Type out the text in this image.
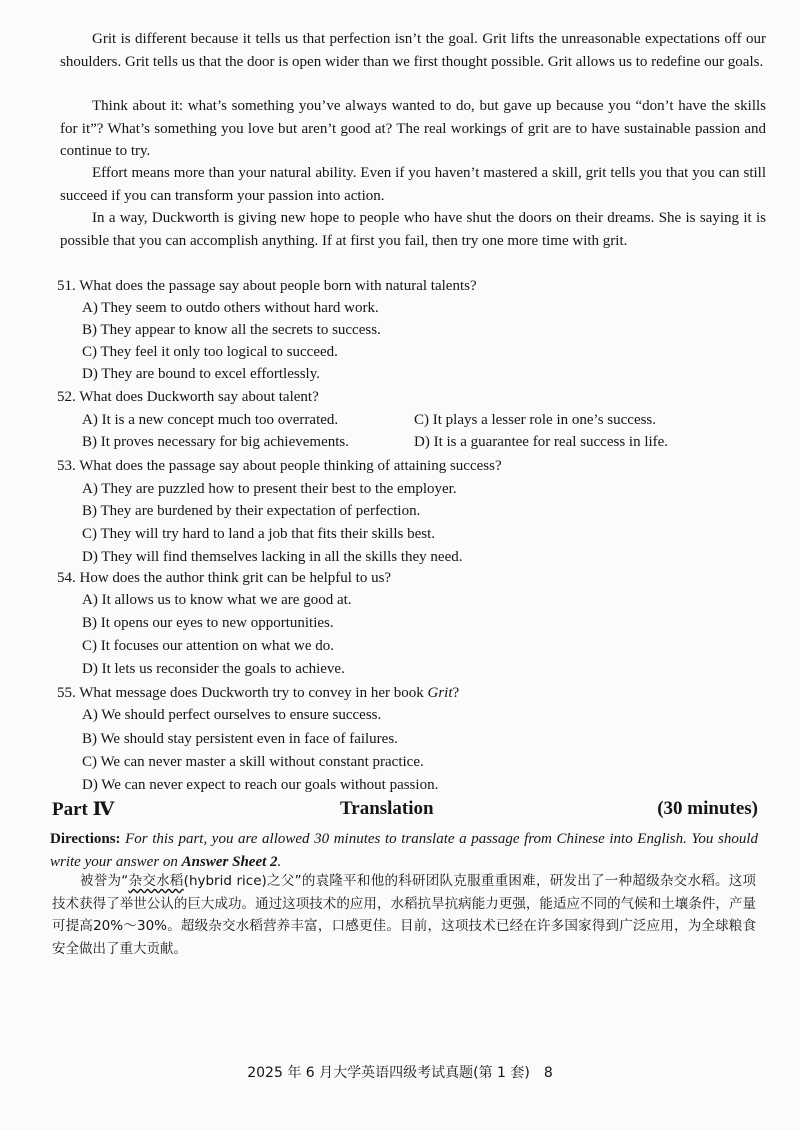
Grit is different because it tells us that perfection isn’t the goal. Grit lifts the unreasonable expectations off our shoulders. Grit tells us that the door is open wider than we first thought possible. Grit allows us to redefine our goals.

Think about it: what’s something you’ve always wanted to do, but gave up because you “don’t have the skills for it”? What’s something you love but aren’t good at? The real workings of grit are to have sustainable passion and continue to try.

Effort means more than your natural ability. Even if you haven’t mastered a skill, grit tells you that you can still succeed if you can transform your passion into action.

In a way, Duckworth is giving new hope to people who have shut the doors on their dreams. She is saying it is possible that you can accomplish anything. If at first you fail, then try one more time with grit.

51. What does the passage say about people born with natural talents?

A) They seem to outdo others without hard work.

B) They appear to know all the secrets to success.

C) They feel it only too logical to succeed.

D) They are bound to excel effortlessly.

52. What does Duckworth say about talent?

A) It is a new concept much too overrated.	C) It plays a lesser role in one’s success.
B) It proves necessary for big achievements.	D) It is a guarantee for real success in life.

53. What does the passage say about people thinking of attaining success?

A) They are puzzled how to present their best to the employer.

B) They are burdened by their expectation of perfection.

C) They will try hard to land a job that fits their skills best.

D) They will find themselves lacking in all the skills they need.

54. How does the author think grit can be helpful to us?

A) It allows us to know what we are good at.

B) It opens our eyes to new opportunities.

C) It focuses our attention on what we do.

D) It lets us reconsider the goals to achieve.

55. What message does Duckworth try to convey in her book Grit?

A) We should perfect ourselves to ensure success.

B) We should stay persistent even in face of failures.

C) We can never master a skill without constant practice.

D) We can never expect to reach our goals without passion.

Part Ⅳ	Translation	(30 minutes)

Directions: For this part, you are allowed 30 minutes to translate a passage from Chinese into English. You should write your answer on Answer Sheet 2.

被誉为“杂交水稻(hybrid rice)之父”的袁隆平和他的科研团队克服重重困难，研发出了一种超级杂交水稻。这项技术获得了举世公认的巨大成功。通过这项技术的应用，水稻抗旱抗病能力更强，能适应不同的气候和土壤条件，产量可提高20%～30%。超级杂交水稻营养丰富，口感更佳。目前，这项技术已经在许多国家得到广泛应用，为全球粮食安全做出了重大贡献。

2025 年 6 月大学英语四级考试真题(第 1 套)　8
